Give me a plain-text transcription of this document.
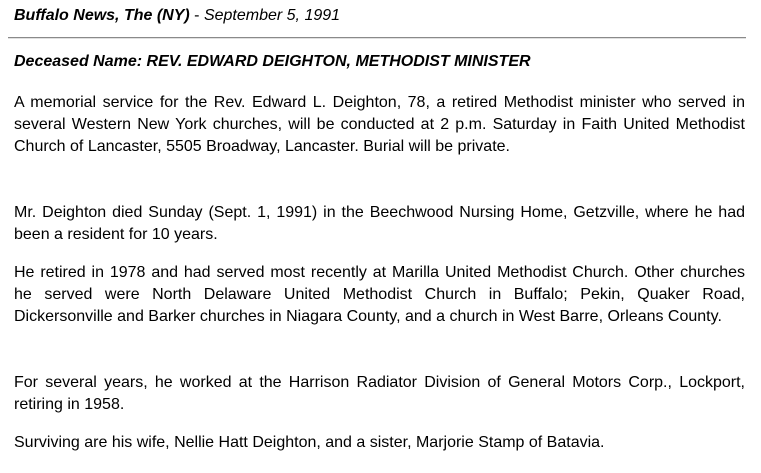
Buffalo News, The (NY) - September 5, 1991
Deceased Name: REV. EDWARD DEIGHTON, METHODIST MINISTER

A memorial service for the Rev. Edward L. Deighton, 78, a retired Methodist minister who served in several Western New York churches, will be conducted at 2 p.m. Saturday in Faith United Methodist Church of Lancaster, 5505 Broadway, Lancaster. Burial will be private.

Mr. Deighton died Sunday (Sept. 1, 1991) in the Beechwood Nursing Home, Getzville, where he had been a resident for 10 years.

He retired in 1978 and had served most recently at Marilla United Methodist Church. Other churches he served were North Delaware United Methodist Church in Buffalo; Pekin, Quaker Road, Dickersonville and Barker churches in Niagara County, and a church in West Barre, Orleans County.

For several years, he worked at the Harrison Radiator Division of General Motors Corp., Lockport, retiring in 1958.

Surviving are his wife, Nellie Hatt Deighton, and a sister, Marjorie Stamp of Batavia.
